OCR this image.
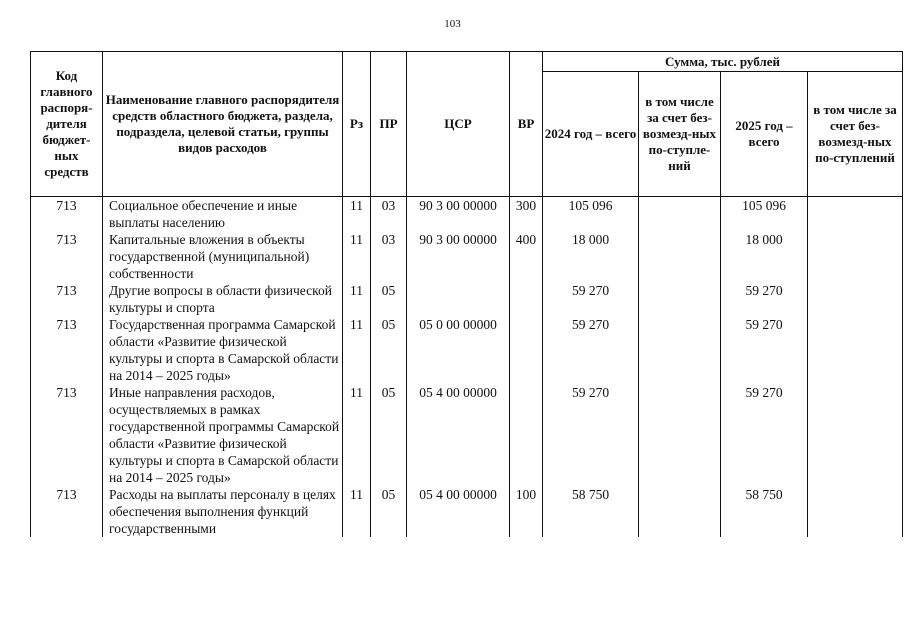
103
Код главного распоря-дителя бюджет-ных средств	Наименование главного распорядителя средств областного бюджета, раздела, подраздела, целевой статьи, группы видов расходов	Рз	ПР	ЦСР	ВР	Сумма, тыс. рублей			
						2024 год – всего	в том числе за счет без-возмезд-ных по-ступле-ний	2025 год – всего	в том числе за счет без-возмезд-ных по-ступлений
713	Социальное обеспечение и иные выплаты населению	11	03	90 3 00 00000	300	105 096		105 096	
713	Капитальные вложения в объекты государственной (муниципальной) собственности	11	03	90 3 00 00000	400	18 000		18 000	
713	Другие вопросы в области физической культуры и спорта	11	05			59 270		59 270	
713	Государственная программа Самарской области «Развитие физической культуры и спорта в Самарской области на 2014 – 2025 годы»	11	05	05 0 00 00000		59 270		59 270	
713	Иные направления расходов, осуществляемых в рамках государственной программы Самарской области «Развитие физической культуры и спорта в Самарской области на 2014 – 2025 годы»	11	05	05 4 00 00000		59 270		59 270	
713	Расходы на выплаты персоналу в целях обеспечения выполнения функций государственными	11	05	05 4 00 00000	100	58 750		58 750	
